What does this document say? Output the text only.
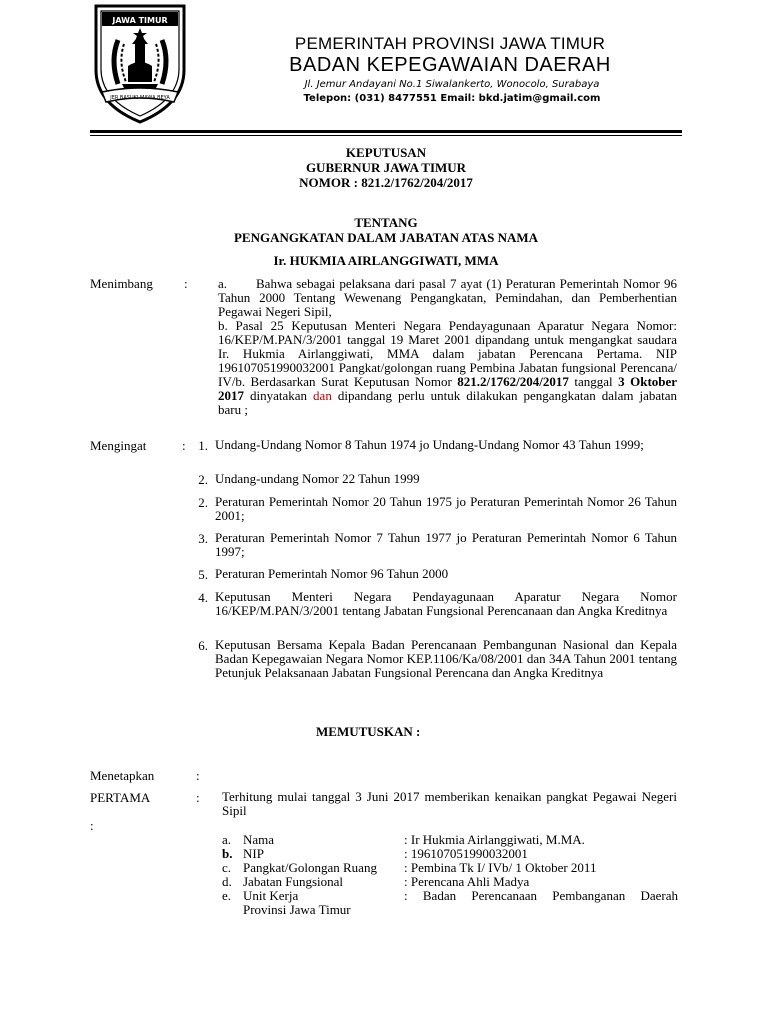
JAWA TIMUR
JER BASUKI MAWA BEYA
PEMERINTAH PROVINSI JAWA TIMUR
BADAN KEPEGAWAIAN DAERAH
Jl. Jemur Andayani No.1 Siwalankerto, Wonocolo, Surabaya
Telepon: (031) 8477551 Email: bkd.jatim@gmail.com
KEPUTUSAN
GUBERNUR JAWA TIMUR
NOMOR : 821.2/1762/204/2017
TENTANG
PENGANGKATAN DALAM JABATAN ATAS NAMA
Ir. HUKMIA AIRLANGGIWATI, MMA
Menimbang : a.	Bahwa sebagai pelaksana dari pasal 7 ayat (1) Peraturan Pemerintah Nomor 96 Tahun 2000 Tentang Wewenang Pengangkatan, Pemindahan, dan Pemberhentian Pegawai Negeri Sipil,
b. Pasal 25 Keputusan Menteri Negara Pendayagunaan Aparatur Negara Nomor: 16/KEP/M.PAN/3/2001 tanggal 19 Maret 2001 dipandang untuk mengangkat saudara Ir. Hukmia Airlanggiwati, MMA dalam jabatan Perencana Pertama. NIP 196107051990032001 Pangkat/golongan ruang Pembina Jabatan fungsional Perencana/ IV/b. Berdasarkan Surat Keputusan Nomor 821.2/1762/204/2017 tanggal 3 Oktober 2017 dinyatakan dan dipandang perlu untuk dilakukan pengangkatan dalam jabatan baru ;
Mengingat	: 1. Undang-Undang Nomor 8 Tahun 1974 jo Undang-Undang Nomor 43 Tahun 1999;
2. Undang-undang Nomor 22 Tahun 1999
2. Peraturan Pemerintah Nomor 20 Tahun 1975 jo Peraturan Pemerintah Nomor 26 Tahun 2001;
3. Peraturan Pemerintah Nomor 7 Tahun 1977 jo Peraturan Pemerintah Nomor 6 Tahun 1997;
5. Peraturan Pemerintah Nomor 96 Tahun 2000
4. Keputusan Menteri Negara Pendayagunaan Aparatur Negara Nomor 16/KEP/M.PAN/3/2001 tentang Jabatan Fungsional Perencanaan dan Angka Kreditnya
6. Keputusan Bersama Kepala Badan Perencanaan Pembangunan Nasional dan Kepala Badan Kepegawaian Negara Nomor KEP.1106/Ka/08/2001 dan 34A Tahun 2001 tentang Petunjuk Pelaksanaan Jabatan Fungsional Perencana dan Angka Kreditnya
MEMUTUSKAN :
Menetapkan	:
PERTAMA	:
:
Terhitung mulai tanggal 3 Juni 2017 memberikan kenaikan pangkat Pegawai Negeri Sipil
a. Nama	: Ir Hukmia Airlanggiwati, M.MA.
b. NIP	: 196107051990032001
c. Pangkat/Golongan Ruang : Pembina Tk I/ IVb/ 1 Oktober 2011
d. Jabatan Fungsional	: Perencana Ahli Madya
e. Unit Kerja	: Badan Perencanaan Pembanganan Daerah
Provinsi Jawa Timur
